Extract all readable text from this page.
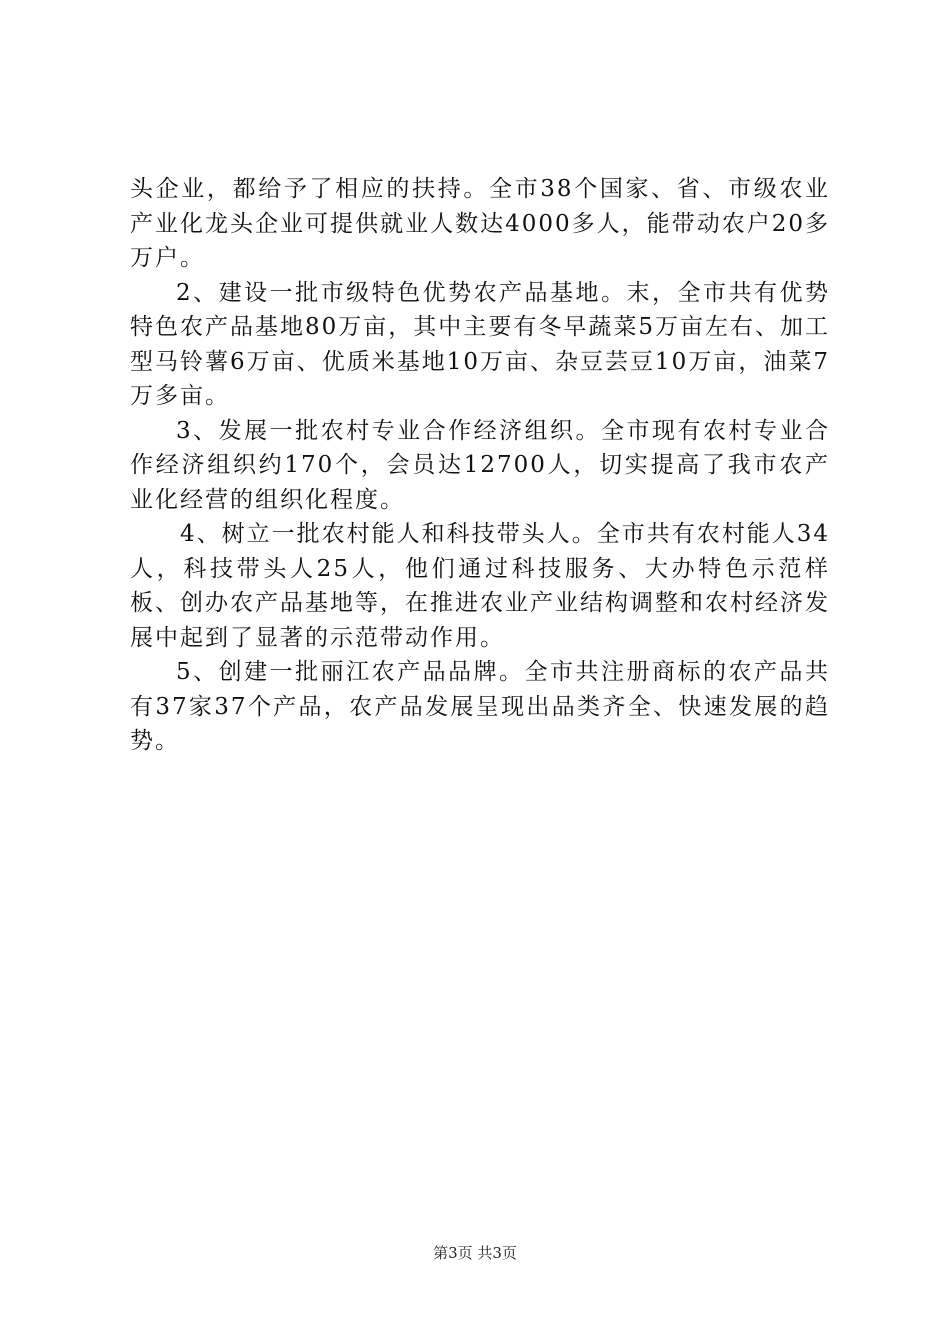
头企业，都给予了相应的扶持。全市38个国家、省、市级农业产业化龙头企业可提供就业人数达4000多人，能带动农户20多万户。

2、建设一批市级特色优势农产品基地。末，全市共有优势特色农产品基地80万亩，其中主要有冬早蔬菜5万亩左右、加工型马铃薯6万亩、优质米基地10万亩、杂豆芸豆10万亩，油菜7万多亩。

3、发展一批农村专业合作经济组织。全市现有农村专业合作经济组织约170个，会员达12700人，切实提高了我市农产业化经营的组织化程度。

4、树立一批农村能人和科技带头人。全市共有农村能人34人，科技带头人25人，他们通过科技服务、大办特色示范样板、创办农产品基地等，在推进农业产业结构调整和农村经济发展中起到了显著的示范带动作用。

5、创建一批丽江农产品品牌。全市共注册商标的农产品共有37家37个产品，农产品发展呈现出品类齐全、快速发展的趋势。

第3页 共3页
